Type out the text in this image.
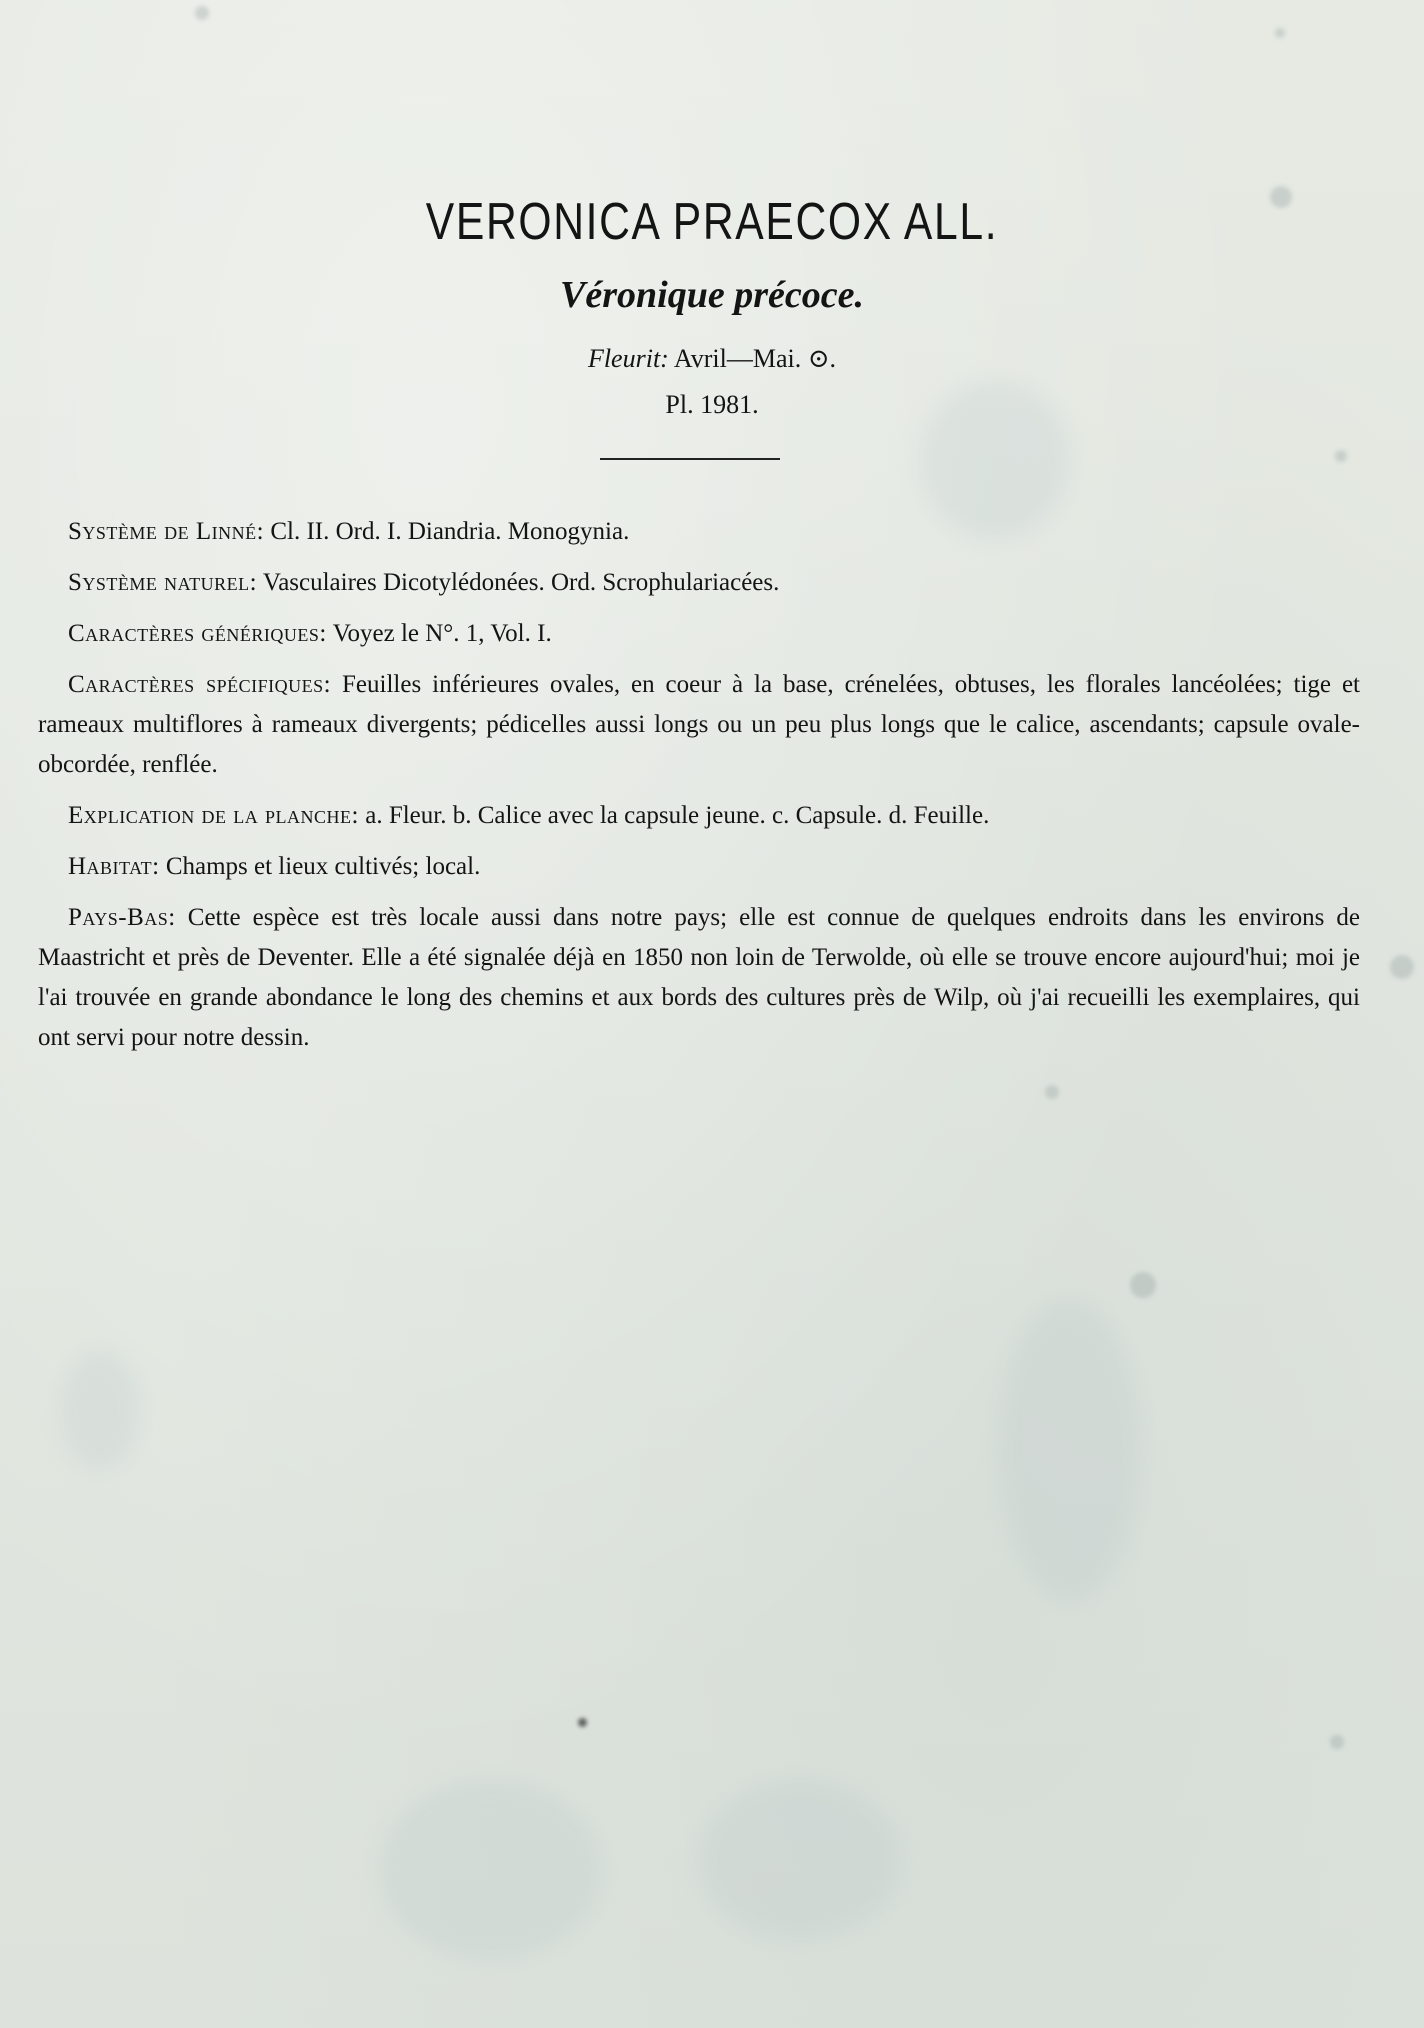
VERONICA PRAECOX ALL.
Véronique précoce.
Fleurit: Avril—Mai. ⊙.
Pl. 1981.

Système de Linné: Cl. II. Ord. I. Diandria. Monogynia.

Système naturel: Vasculaires Dicotylédonées. Ord. Scrophulariacées.

Caractères génériques: Voyez le N°. 1, Vol. I.

Caractères spécifiques: Feuilles inférieures ovales, en coeur à la base, crénelées, obtuses, les florales lancéolées; tige et rameaux multiflores à rameaux divergents; pédicelles aussi longs ou un peu plus longs que le calice, ascendants; capsule ovale-obcordée, renflée.

Explication de la planche: a. Fleur. b. Calice avec la capsule jeune. c. Capsule. d. Feuille.

Habitat: Champs et lieux cultivés; local.

Pays-Bas: Cette espèce est très locale aussi dans notre pays; elle est connue de quelques endroits dans les environs de Maastricht et près de Deventer. Elle a été signalée déjà en 1850 non loin de Terwolde, où elle se trouve encore aujourd'hui; moi je l'ai trouvée en grande abondance le long des chemins et aux bords des cultures près de Wilp, où j'ai recueilli les exemplaires, qui ont servi pour notre dessin.
